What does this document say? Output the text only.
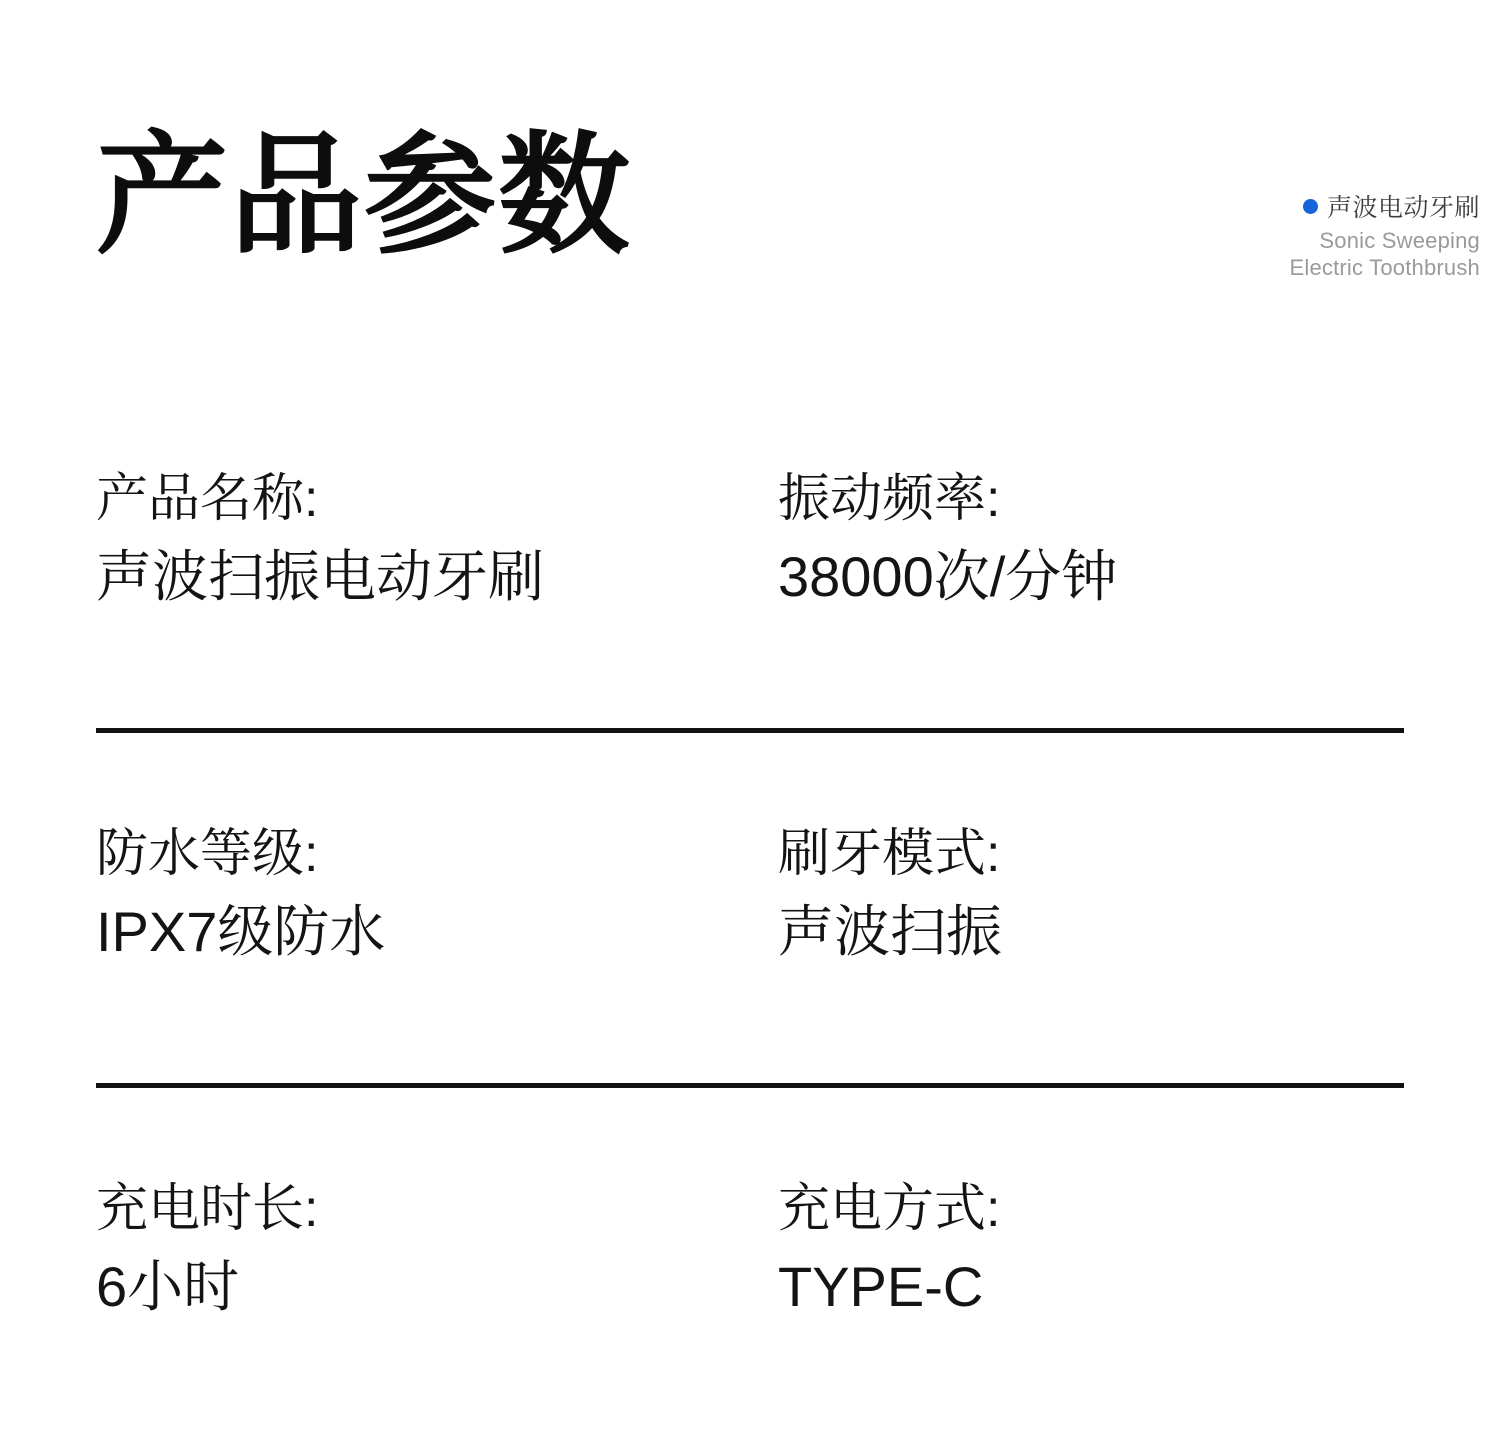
产品参数	声波电动牙刷
Sonic Sweeping
Electric Toothbrush
产品名称:
声波扫振电动牙刷
振动频率:
38000次/分钟
防水等级:
IPX7级防水
刷牙模式:
声波扫振
充电时长:
6小时
充电方式:
TYPE-C
